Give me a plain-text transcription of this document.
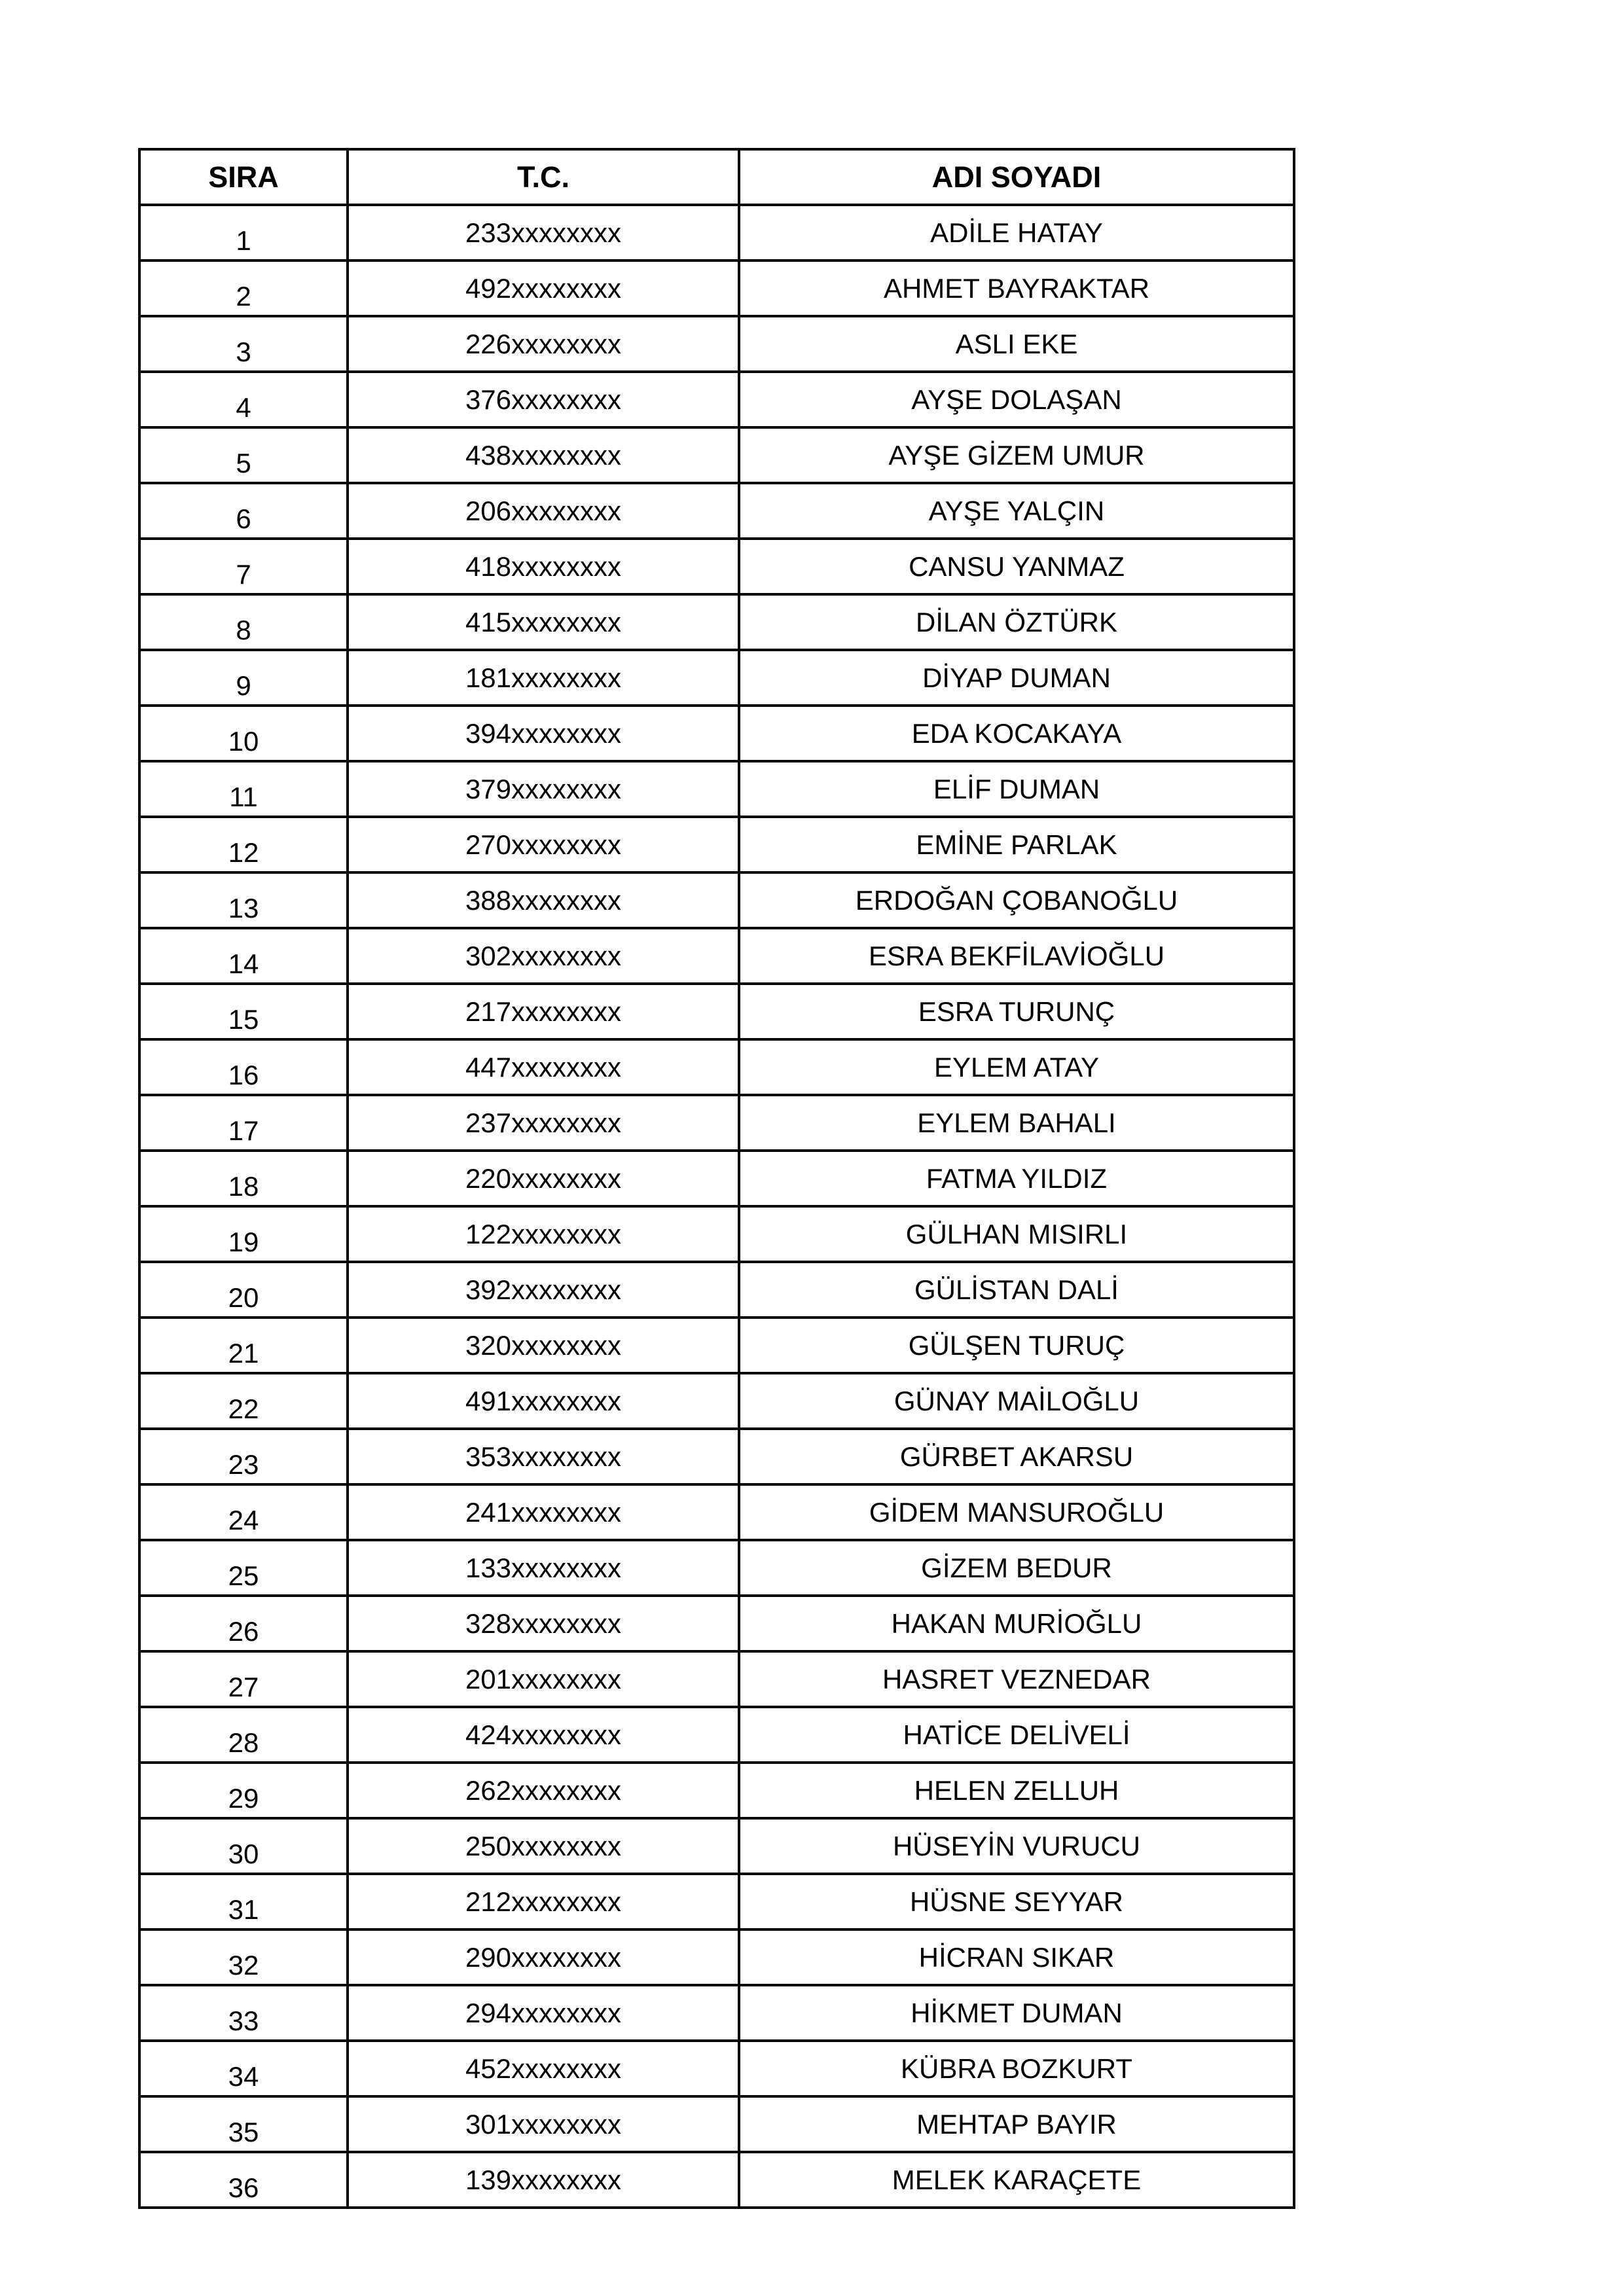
SIRA	T.C.	ADI SOYADI
1	233xxxxxxxx	ADİLE HATAY
2	492xxxxxxxx	AHMET BAYRAKTAR
3	226xxxxxxxx	ASLI EKE
4	376xxxxxxxx	AYŞE DOLAŞAN
5	438xxxxxxxx	AYŞE GİZEM UMUR
6	206xxxxxxxx	AYŞE YALÇIN
7	418xxxxxxxx	CANSU YANMAZ
8	415xxxxxxxx	DİLAN ÖZTÜRK
9	181xxxxxxxx	DİYAP DUMAN
10	394xxxxxxxx	EDA KOCAKAYA
11	379xxxxxxxx	ELİF DUMAN
12	270xxxxxxxx	EMİNE PARLAK
13	388xxxxxxxx	ERDOĞAN ÇOBANOĞLU
14	302xxxxxxxx	ESRA BEKFİLAVİOĞLU
15	217xxxxxxxx	ESRA TURUNÇ
16	447xxxxxxxx	EYLEM ATAY
17	237xxxxxxxx	EYLEM BAHALI
18	220xxxxxxxx	FATMA YILDIZ
19	122xxxxxxxx	GÜLHAN MISIRLI
20	392xxxxxxxx	GÜLİSTAN DALİ
21	320xxxxxxxx	GÜLŞEN TURUÇ
22	491xxxxxxxx	GÜNAY MAİLOĞLU
23	353xxxxxxxx	GÜRBET AKARSU
24	241xxxxxxxx	GİDEM MANSUROĞLU
25	133xxxxxxxx	GİZEM BEDUR
26	328xxxxxxxx	HAKAN MURİOĞLU
27	201xxxxxxxx	HASRET VEZNEDAR
28	424xxxxxxxx	HATİCE DELİVELİ
29	262xxxxxxxx	HELEN ZELLUH
30	250xxxxxxxx	HÜSEYİN VURUCU
31	212xxxxxxxx	HÜSNE SEYYAR
32	290xxxxxxxx	HİCRAN SIKAR
33	294xxxxxxxx	HİKMET DUMAN
34	452xxxxxxxx	KÜBRA BOZKURT
35	301xxxxxxxx	MEHTAP BAYIR
36	139xxxxxxxx	MELEK KARAÇETE
